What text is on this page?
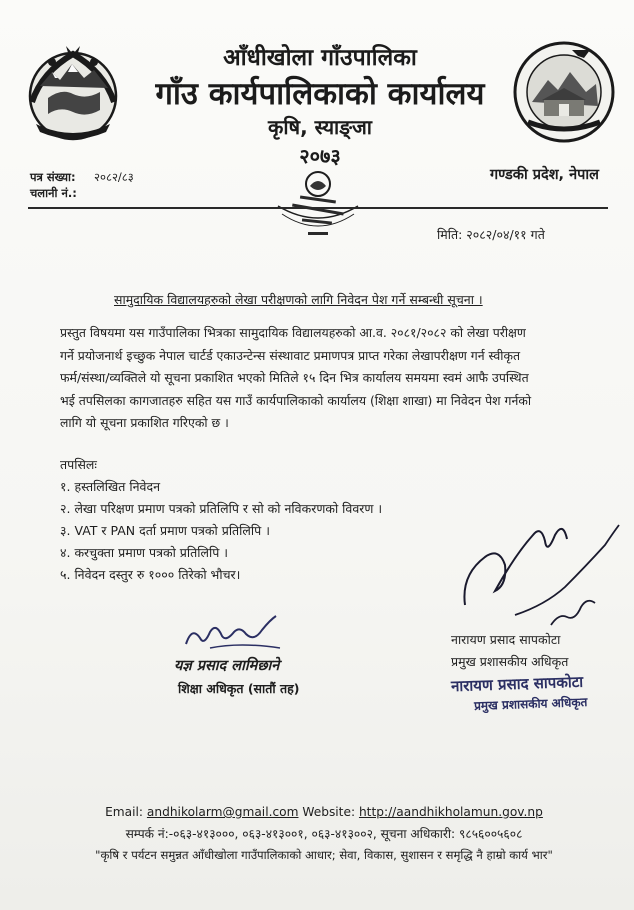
आँधीखोला गाँउपालिका
गाँउ कार्यपालिकाको कार्यालय
कृषि, स्याङ्जा
२०७३
पत्र संख्या: २०८२/८३
चलानी नं.:
गण्डकी प्रदेश, नेपाल
मिति: २०८२/०४/११ गते
सामुदायिक विद्यालयहरुको लेखा परीक्षणको लागि निवेदन पेश गर्ने सम्बन्धी सूचना ।
प्रस्तुत विषयमा यस गाउँपालिका भित्रका सामुदायिक विद्यालयहरुको आ.व. २०८१/२०८२ को लेखा परीक्षण
गर्ने प्रयोजनार्थ इच्छुक नेपाल चार्टर्ड एकाउन्टेन्स संस्थावाट प्रमाणपत्र प्राप्त गरेका लेखापरीक्षण गर्न स्वीकृत
फर्म/संस्था/व्यक्तिले यो सूचना प्रकाशित भएको मितिले १५ दिन भित्र कार्यालय समयमा स्वमं आफै उपस्थित
भई तपसिलका कागजातहरु सहित यस गाउँ कार्यपालिकाको कार्यालय (शिक्षा शाखा) मा निवेदन पेश गर्नको
लागि यो सूचना प्रकाशित गरिएको छ ।
तपसिलः
१. हस्तलिखित निवेदन
२. लेखा परिक्षण प्रमाण पत्रको प्रतिलिपि र सो को नविकरणको विवरण ।
३. VAT र PAN दर्ता प्रमाण पत्रको प्रतिलिपि ।
४. करचुक्ता प्रमाण पत्रको प्रतिलिपि ।
५. निवेदन दस्तुर रु १००० तिरेको भौचर।
यज्ञ प्रसाद लामिछाने
शिक्षा अधिकृत (सातौं तह)
नारायण प्रसाद सापकोटा
प्रमुख प्रशासकीय अधिकृत
नारायण प्रसाद सापकोटा
प्रमुख प्रशासकीय अधिकृत
Email: andhikolarm@gmail.com Website: http://aandhikholamun.gov.np
सम्पर्क नं:-०६३-४१३०००, ०६३-४१३००१, ०६३-४१३००२, सूचना अधिकारी: ९८५६००५६०८
"कृषि र पर्यटन समुन्नत आँधीखोला गाउँपालिकाको आधार; सेवा, विकास, सुशासन र समृद्धि नै हाम्रो कार्य भार"
